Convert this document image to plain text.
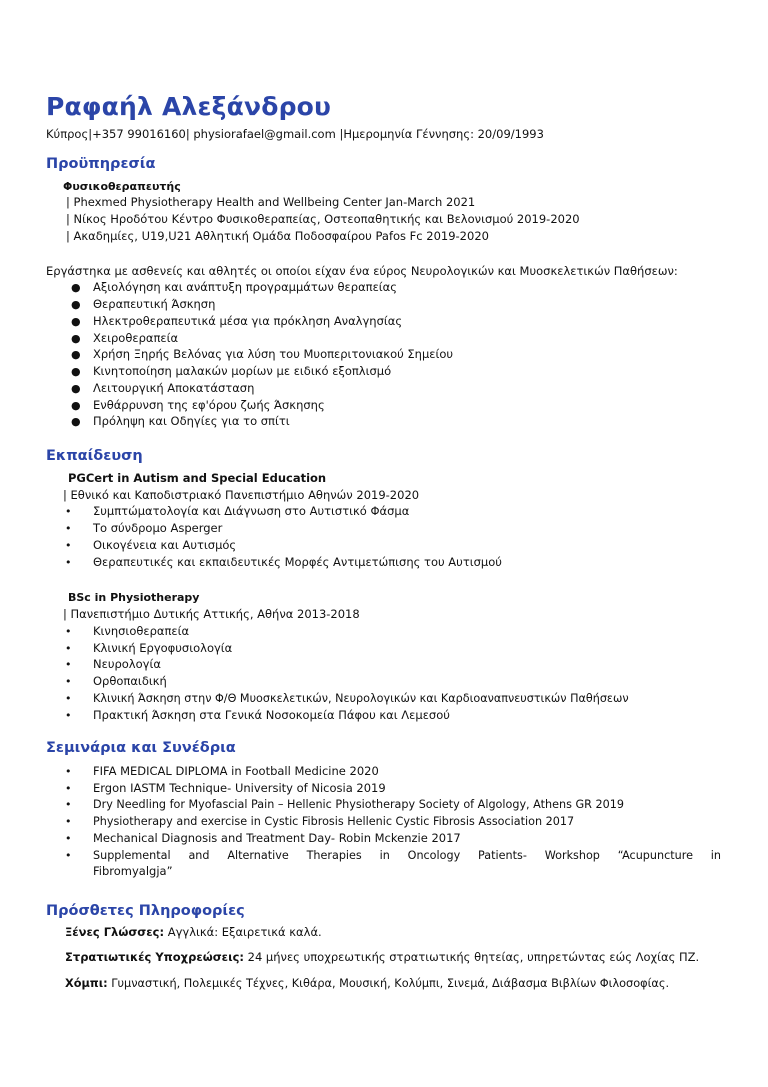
Ραφαήλ Αλεξάνδρου
Κύπρος|+357 99016160| physiorafael@gmail.com |Ημερομηνία Γέννησης: 20/09/1993
Προϋπηρεσία
Φυσικοθεραπευτής
| Phexmed Physiotherapy Health and Wellbeing Center Jan-March 2021
| Νίκος Ηροδότου Κέντρο Φυσικοθεραπείας, Οστεοπαθητικής και Βελονισμού 2019-2020
| Ακαδημίες, U19,U21 Αθλητική Ομάδα Ποδοσφαίρου Pafos Fc 2019-2020
Εργάστηκα με ασθενείς και αθλητές οι οποίοι είχαν ένα εύρος Νευρολογικών και Μυοσκελετικών Παθήσεων:
● Αξιολόγηση και ανάπτυξη προγραμμάτων θεραπείας
● Θεραπευτική Άσκηση
● Ηλεκτροθεραπευτικά μέσα για πρόκληση Αναλγησίας
● Χειροθεραπεία
● Χρήση Ξηρής Βελόνας για λύση του Μυοπεριτονιακού Σημείου
● Κινητοποίηση μαλακών μορίων με ειδικό εξοπλισμό
● Λειτουργική Αποκατάσταση
● Ενθάρρυνση της εφ'όρου ζωής Άσκησης
● Πρόληψη και Οδηγίες για το σπίτι
Εκπαίδευση
PGCert in Autism and Special Education
| Εθνικό και Καποδιστριακό Πανεπιστήμιο Αθηνών 2019-2020
• Συμπτώματολογία και Διάγνωση στο Αυτιστικό Φάσμα
• Το σύνδρομο Asperger
• Οικογένεια και Αυτισμός
• Θεραπευτικές και εκπαιδευτικές Μορφές Αντιμετώπισης του Αυτισμού
BSc in Physiotherapy
| Πανεπιστήμιο Δυτικής Αττικής, Αθήνα 2013-2018
• Κινησιοθεραπεία
• Κλινική Εργοφυσιολογία
• Νευρολογία
• Ορθοπαιδική
• Κλινική Άσκηση στην Φ/Θ Μυοσκελετικών, Νευρολογικών και Καρδιοαναπνευστικών Παθήσεων
• Πρακτική Άσκηση στα Γενικά Νοσοκομεία Πάφου και Λεμεσού
Σεμινάρια και Συνέδρια
• FIFA MEDICAL DIPLOMA in Football Medicine 2020
• Ergon IASTM Technique- University of Nicosia 2019
• Dry Needling for Myofascial Pain – Hellenic Physiotherapy Society of Algology, Athens GR 2019
• Physiotherapy and exercise in Cystic Fibrosis Hellenic Cystic Fibrosis Association 2017
• Mechanical Diagnosis and Treatment Day- Robin Mckenzie 2017
• Supplemental and Alternative Therapies in Oncology Patients- Workshop “Acupuncture in
Fibromyalgja”
Πρόσθετες Πληροφορίες
Ξένες Γλώσσες: Αγγλικά: Εξαιρετικά καλά.
Στρατιωτικές Υποχρεώσεις: 24 μήνες υποχρεωτικής στρατιωτικής θητείας, υπηρετώντας εώς Λοχίας ΠΖ.
Χόμπι: Γυμναστική, Πολεμικές Τέχνες, Κιθάρα, Μουσική, Κολύμπι, Σινεμά, Διάβασμα Βιβλίων Φιλοσοφίας.
